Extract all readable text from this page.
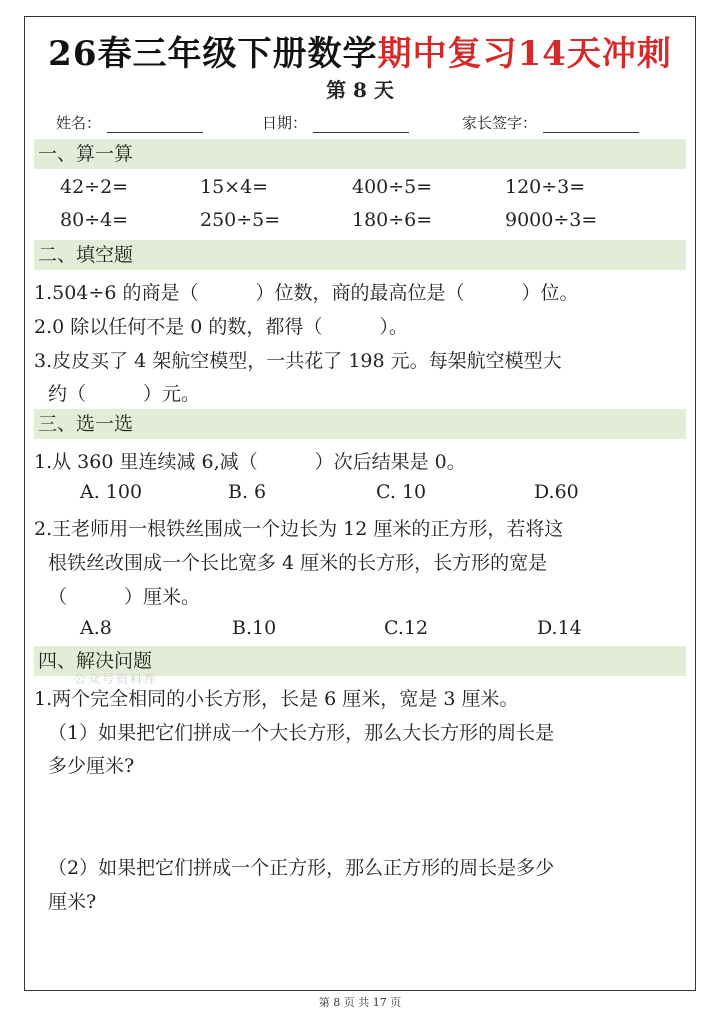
26春三年级下册数学期中复习14天冲刺
第 8 天
姓名：	日期：	家长签字：
一、算一算
42÷2=	15×4=	400÷5=	120÷3=
80÷4=	250÷5=	180÷6=	9000÷3=
二、填空题
1.504÷6 的商是（　　　）位数，商的最高位是（　　　）位。
2.0 除以任何不是 0 的数，都得（　　　）。
3.皮皮买了 4 架航空模型，一共花了 198 元。每架航空模型大
约（　　　）元。
三、选一选
1.从 360 里连续减 6,减（　　　）次后结果是 0。
A. 100	B. 6	C. 10	D.60
2.王老师用一根铁丝围成一个边长为 12 厘米的正方形，若将这
根铁丝改围成一个长比宽多 4 厘米的长方形，长方形的宽是
（　　　）厘米。
A.8	B.10	C.12	D.14
四、解决问题
公众号资料库
1.两个完全相同的小长方形，长是 6 厘米，宽是 3 厘米。
（1）如果把它们拼成一个大长方形，那么大长方形的周长是
多少厘米?
（2）如果把它们拼成一个正方形，那么正方形的周长是多少
厘米?
第 8 页 共 17 页
